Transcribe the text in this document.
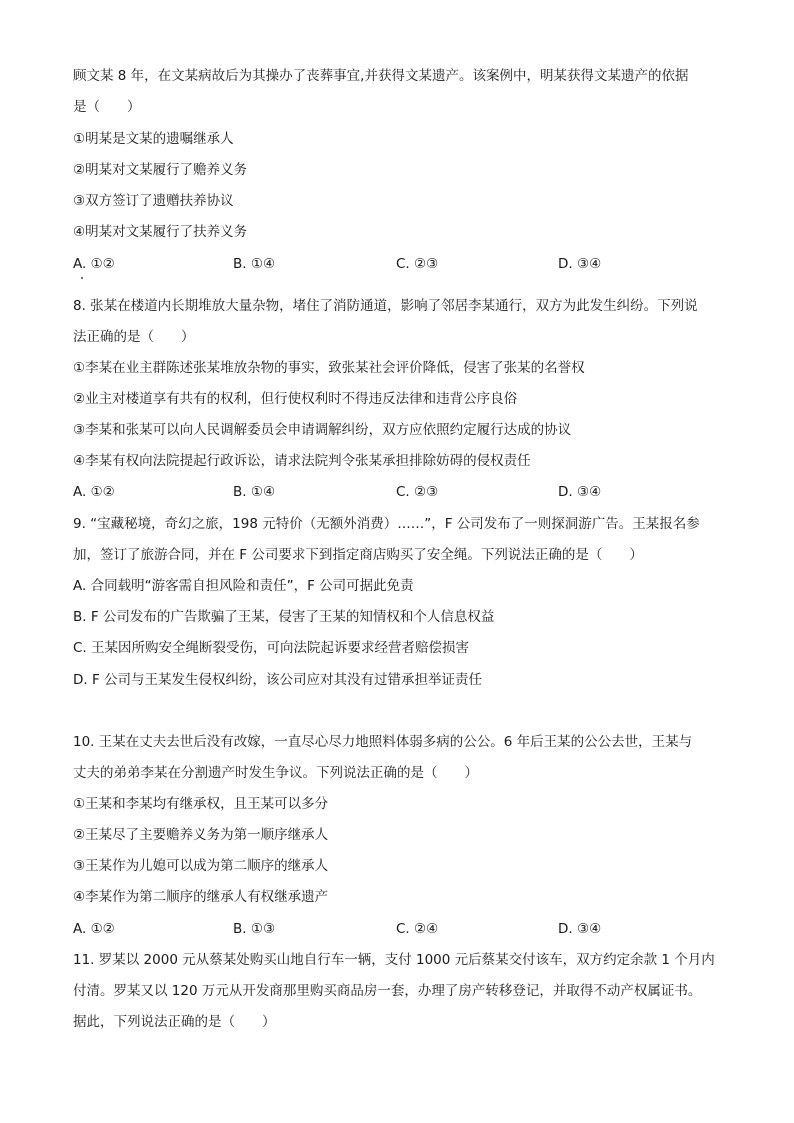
顾文某 8 年，在文某病故后为其操办了丧葬事宜,并获得文某遗产。该案例中，明某获得文某遗产的依据
是（　　）
①明某是文某的遗嘱继承人
②明某对文某履行了赡养义务
③双方签订了遗赠扶养协议
④明某对文某履行了扶养义务
A. ①②	B. ①④	C. ②③	D. ③④
8. 张某在楼道内长期堆放大量杂物，堵住了消防通道，影响了邻居李某通行，双方为此发生纠纷。下列说
法正确的是（　　）
①李某在业主群陈述张某堆放杂物的事实，致张某社会评价降低，侵害了张某的名誉权
②业主对楼道享有共有的权利，但行使权利时不得违反法律和违背公序良俗
③李某和张某可以向人民调解委员会申请调解纠纷，双方应依照约定履行达成的协议
④李某有权向法院提起行政诉讼，请求法院判令张某承担排除妨碍的侵权责任
A. ①②	B. ①④	C. ②③	D. ③④
9. “宝藏秘境，奇幻之旅，198 元特价（无额外消费）……”，F 公司发布了一则探洞游广告。王某报名参
加，签订了旅游合同，并在 F 公司要求下到指定商店购买了安全绳。下列说法正确的是（　　）
A. 合同载明“游客需自担风险和责任”，F 公司可据此免责
B. F 公司发布的广告欺骗了王某，侵害了王某的知情权和个人信息权益
C. 王某因所购安全绳断裂受伤，可向法院起诉要求经营者赔偿损害
D. F 公司与王某发生侵权纠纷，该公司应对其没有过错承担举证责任
10. 王某在丈夫去世后没有改嫁，一直尽心尽力地照料体弱多病的公公。6 年后王某的公公去世，王某与
丈夫的弟弟李某在分割遗产时发生争议。下列说法正确的是（　　）
①王某和李某均有继承权，且王某可以多分
②王某尽了主要赡养义务为第一顺序继承人
③王某作为儿媳可以成为第二顺序的继承人
④李某作为第二顺序的继承人有权继承遗产
A. ①②	B. ①③	C. ②④	D. ③④
11. 罗某以 2000 元从蔡某处购买山地自行车一辆，支付 1000 元后蔡某交付该车，双方约定余款 1 个月内
付清。罗某又以 120 万元从开发商那里购买商品房一套，办理了房产转移登记，并取得不动产权属证书。
据此，下列说法正确的是（　　）
